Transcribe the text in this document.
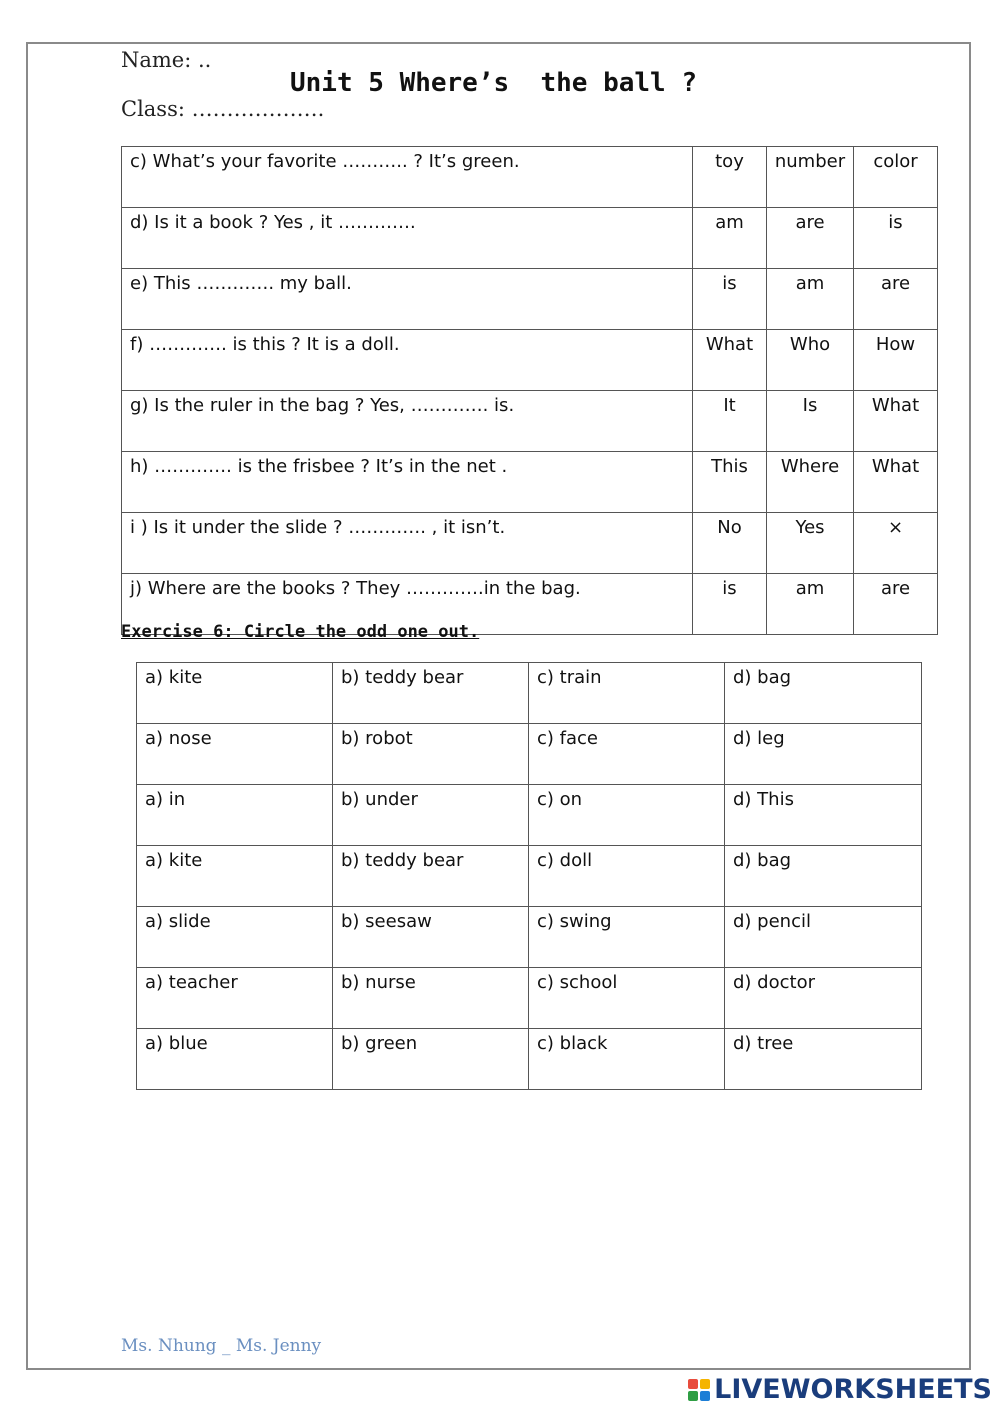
Name: ..
Unit 5 Where’s  the ball ?
Class: ……………….
c) What’s your favorite ……….. ? It’s green.	toy	number	color
d) Is it a book ? Yes , it ………….	am	are	is
e) This …………. my ball.	is	am	are
f) …………. is this ? It is a doll.	What	Who	How
g) Is the ruler in the bag ? Yes, …………. is.	It	Is	What
h) …………. is the frisbee ? It’s in the net .	This	Where	What
i ) Is it under the slide ? …………. , it isn’t.	No	Yes	×
j) Where are the books ? They ………….in the bag.	is	am	are
Exercise 6: Circle the odd one out.
a) kite	b) teddy bear	c) train	d) bag
a) nose	b) robot	c) face	d) leg
a) in	b) under	c) on	d) This
a) kite	b) teddy bear	c) doll	d) bag
a) slide	b) seesaw	c) swing	d) pencil
a) teacher	b) nurse	c) school	d) doctor
a) blue	b) green	c) black	d) tree
Ms. Nhung _ Ms. Jenny
LIVEWORKSHEETS
